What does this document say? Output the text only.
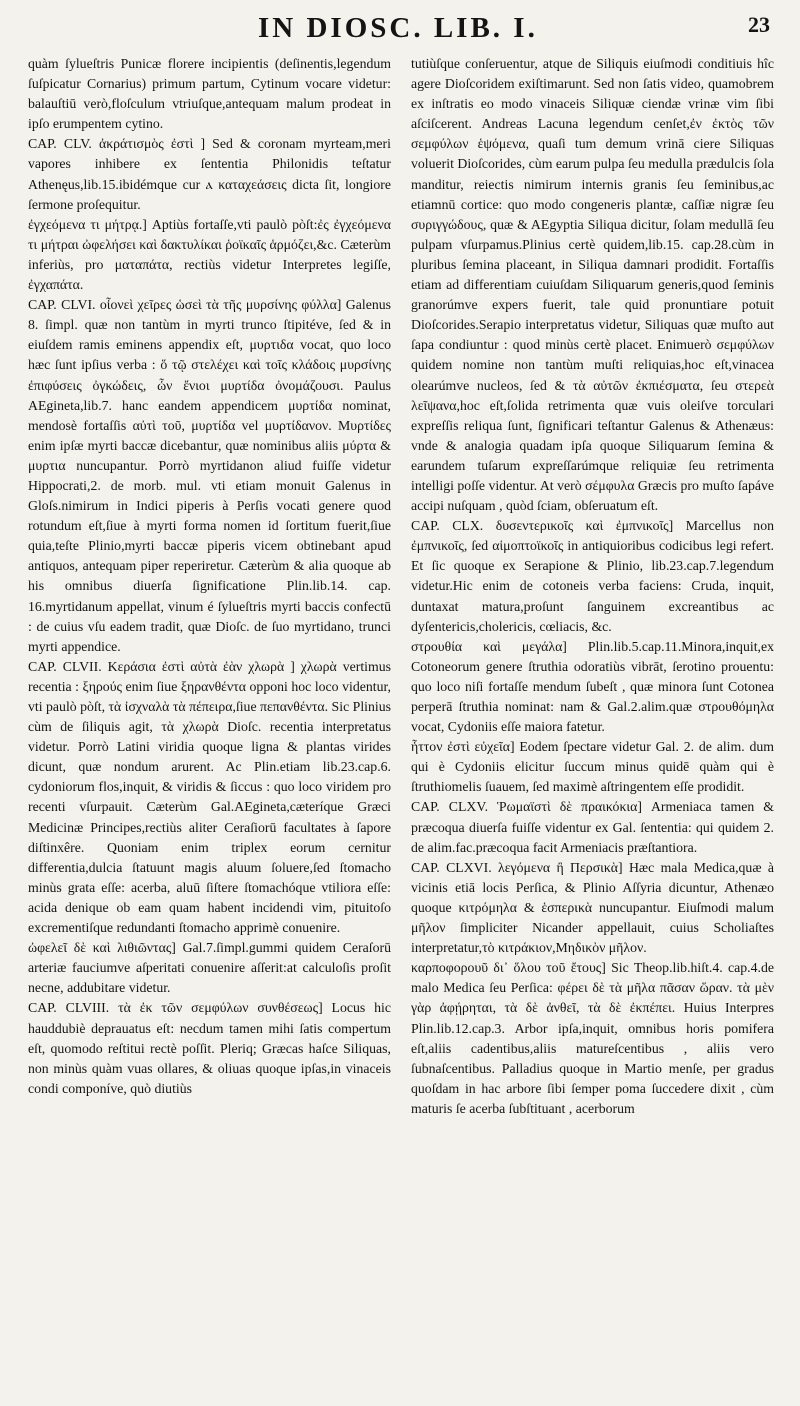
IN DIOSC. LIB. I.	23

quàm ſylueſtris Punicæ florere incipientis (deſinentis,legendum ſuſpicatur Cornarius) primum partum, Cytinum vocare videtur: balauſtiū verò,floſculum vtriuſque,antequam malum prodeat in ipſo erumpentem cytino.

CAP. CLV. ἀκράτισμὸς ἐστὶ ] Sed & coronam myrteam,meri vapores inhibere ex ſententia Philonidis teſtatur Athenęus,lib.15.ibidémque cur ⲁ καταχεάσεις dicta ſit, longiore ſermone proſequitur.

ἐγχεόμενα τι μήτρᾳ.] Aptiùs fortaſſe,vti paulò pòſt:ἐς ἐγχεόμενα τι μήτραι ὠφελήσει καὶ δακτυλίκαι ῥοϊκαῖς ἁρμόζει,&c. Cæterùm inferiùs, pro ματαπάτα, rectiùs videtur Interpretes legiſſe, ἐγχαπάτα.

CAP. CLVI. οἷονεὶ χεῖρες ὡσεὶ τὰ τῆς μυρσίνης φύλλα] Galenus 8. ſimpl. quæ non tantùm in myrti trunco ſtipitéve, ſed & in eiuſdem ramis eminens appendix eſt, μυρτιδα vocat, quo loco hæc ſunt ipſius verba : ὅ τῷ στελέχει καὶ τοῖς κλάδοις μυρσίνης ἐπιφύσεις ὀγκώδεις, ὧν ἔνιοι μυρτίδα ὀνομάζουσι. Paulus AEgineta,lib.7. hanc eandem appendicem μυρτίδα nominat, mendosè fortaſſis αὐτὶ τοῦ, μυρτίδα vel μυρτίδανον. Μυρτίδες enim ipſæ myrti baccæ dicebantur, quæ nominibus aliis μύρτα & μυρτια nuncupantur. Porrò myrtidanon aliud fuiſſe videtur Hippocrati,2. de morb. mul. vti etiam monuit Galenus in Gloſs.nimirum in Indici piperis à Perſis vocati genere quod rotundum eſt,ſiue à myrti forma nomen id ſortitum fuerit,ſiue quia,teſte Plinio,myrti baccæ piperis vicem obtinebant apud antiquos, antequam piper reperiretur. Cæterùm & alia quoque ab his omnibus diuerſa ſignificatione Plin.lib.14. cap. 16.myrtidanum appellat, vinum é ſylueſtris myrti baccis confectū : de cuius vſu eadem tradit, quæ Dioſc. de ſuo myrtidano, trunci myrti appendice.

CAP. CLVII. Κεράσια ἐστὶ αὐτὰ ἐὰν χλωρὰ ] χλωρὰ vertimus recentia : ξηρούς enim ſiue ξηρανθέντα opponi hoc loco videntur, vti paulò pòſt, τὰ ἰσχναλὰ τὰ πέπειρα,ſiue πεπανθέντα. Sic Plinius cùm de ſiliquis agit, τὰ χλωρὰ Dioſc. recentia interpretatus videtur. Porrò Latini viridia quoque ligna & plantas virides dicunt, quæ nondum arurent. Ac Plin.etiam lib.23.cap.6. cydoniorum flos,inquit, & viridis & ſiccus : quo loco viridem pro recenti vſurpauit. Cæterùm Gal.AEgineta,cæteríque Græci Medicinæ Principes,rectiùs aliter Ceraſiorū facultates à ſapore diſtinxêre. Quoniam enim triplex eorum cernitur differentia,dulcia ſtatuunt magis aluum ſoluere,ſed ſtomacho minùs grata eſſe: acerba, aluū ſiſtere ſtomachóque vtiliora eſſe: acida denique ob eam quam habent incidendi vim, pituitoſo excrementiſque redundanti ſtomacho apprimè conuenire.

ὠφελεῖ δὲ καὶ λιθιῶντας] Gal.7.ſimpl.gummi quidem Ceraſorū arteriæ fauciumve aſperitati conuenire aſſerit:at calculoſis proſit necne, addubitare videtur.

CAP. CLVIII. τὰ ἐκ τῶν σεμφύλων συνθέσεως] Locus hic hauddubiè deprauatus eſt: necdum tamen mihi ſatis compertum eſt, quomodo reſtitui rectè poſſit. Pleriq; Græcas haſce Siliquas, non minùs quàm vuas ollares, & oliuas quoque ipſas,in vinaceis condi componíve, quò diutiùs

tutiùſque conſeruentur, atque de Siliquis eiuſmodi conditiuis hîc agere Dioſcoridem exiſtimarunt. Sed non ſatis video, quamobrem ex inſtratis eo modo vinaceis Siliquæ ciendæ vrinæ vim ſibi aſciſcerent. Andreas Lacuna legendum cenſet,ἐν ἐκτὸς τῶν σεμφύλων ἑψόμενα, quaſi tum demum vrinā ciere Siliquas voluerit Dioſcorides, cùm earum pulpa ſeu medulla prædulcis ſola manditur, reiectis nimirum internis granis ſeu ſeminibus,ac etiamnū cortice: quo modo congeneris plantæ, caſſiæ nigræ ſeu συριγγώδους, quæ & AEgyptia Siliqua dicitur, ſolam medullā ſeu pulpam vſurpamus.Plinius certè quidem,lib.15. cap.28.cùm in pluribus ſemina placeant, in Siliqua damnari prodidit. Fortaſſis etiam ad differentiam cuiuſdam Siliquarum generis,quod ſeminis granorúmve expers fuerit, tale quid pronuntiare potuit Dioſcorides.Serapio interpretatus videtur, Siliquas quæ muſto aut ſapa condiuntur : quod minùs certè placet. Enimuerò σεμφύλων quidem nomine non tantùm muſti reliquias,hoc eſt,vinacea olearúmve nucleos, ſed & τὰ αὐτῶν ἐκπιέσματα, ſeu στερεὰ λεῖψανα,hoc eſt,ſolida retrimenta quæ vuis oleiſve torculari expreſſis reliqua ſunt, ſignificari teſtantur Galenus & Athenæus: vnde & analogia quadam ipſa quoque Siliquarum ſemina & earundem tuſarum expreſſarúmque reliquiæ ſeu retrimenta intelligi poſſe videntur. At verò σέμφυλα Græcis pro muſto ſapáve accipi nuſquam , quòd ſciam, obſeruatum eſt.

CAP. CLX. δυσεντερικοῖς καὶ ἐμπνικοῖς] Marcellus non ἐμπνικοῖς, ſed αἱμοπτοϊκοῖς in antiquioribus codicibus legi refert. Et ſic quoque ex Serapione & Plinio, lib.23.cap.7.legendum videtur.Hic enim de cotoneis verba faciens: Cruda, inquit, duntaxat matura,proſunt ſanguinem excreantibus ac dyſentericis,cholericis, cœliacis, &c.

στρουθία καὶ μεγάλα] Plin.lib.5.cap.11.Minora,inquit,ex Cotoneorum genere ſtruthia odoratiùs vibrāt, ſerotino prouentu: quo loco niſi fortaſſe mendum ſubeſt , quæ minora ſunt Cotonea perperā ſtruthia nominat: nam & Gal.2.alim.quæ στρουθόμηλα vocat, Cydoniis eſſe maiora fatetur.

ἧττον ἐστὶ εὐχεῖα] Eodem ſpectare videtur Gal. 2. de alim. dum qui è Cydoniis elicitur ſuccum minus quidē quàm qui è ſtruthiomelis ſuauem, ſed maximè aſtringentem eſſe prodidit.

CAP. CLXV. Ῥωμαϊστὶ δὲ πραικόκια] Armeniaca tamen & præcoqua diuerſa fuiſſe videntur ex Gal. ſententia: qui quidem 2. de alim.fac.præcoqua facit Armeniacis præſtantiora.

CAP. CLXVI. λεγόμενα ἢ Περσικὰ] Hæc mala Medica,quæ à vicinis etiā locis Perſica, & Plinio Aſſyria dicuntur, Athenæo quoque κιτρόμηλα & ἑσπερικὰ nuncupantur. Eiuſmodi malum μῆλον ſimpliciter Nicander appellauit, cuius Scholiaſtes interpretatur,τὸ κιτράκιον,Μηδικὸν μῆλον.

καρποφορουῦ δι᾽ ὅλου τοῦ ἔτους] Sic Theop.lib.hiſt.4. cap.4.de malo Medica ſeu Perſica: φέρει δὲ τὰ μῆλα πᾶσαν ὥραν. τὰ μὲν γὰρ ἀφῄρηται, τὰ δὲ ἀνθεῖ, τὰ δὲ ἐκπέπει. Huius Interpres Plin.lib.12.cap.3. Arbor ipſa,inquit, omnibus horis pomifera eſt,aliis cadentibus,aliis matureſcentibus , aliis vero ſubnaſcentibus. Palladius quoque in Martio menſe, per gradus quoſdam in hac arbore ſibi ſemper poma ſuccedere dixit , cùm maturis ſe acerba ſubſtituant , acerborum
